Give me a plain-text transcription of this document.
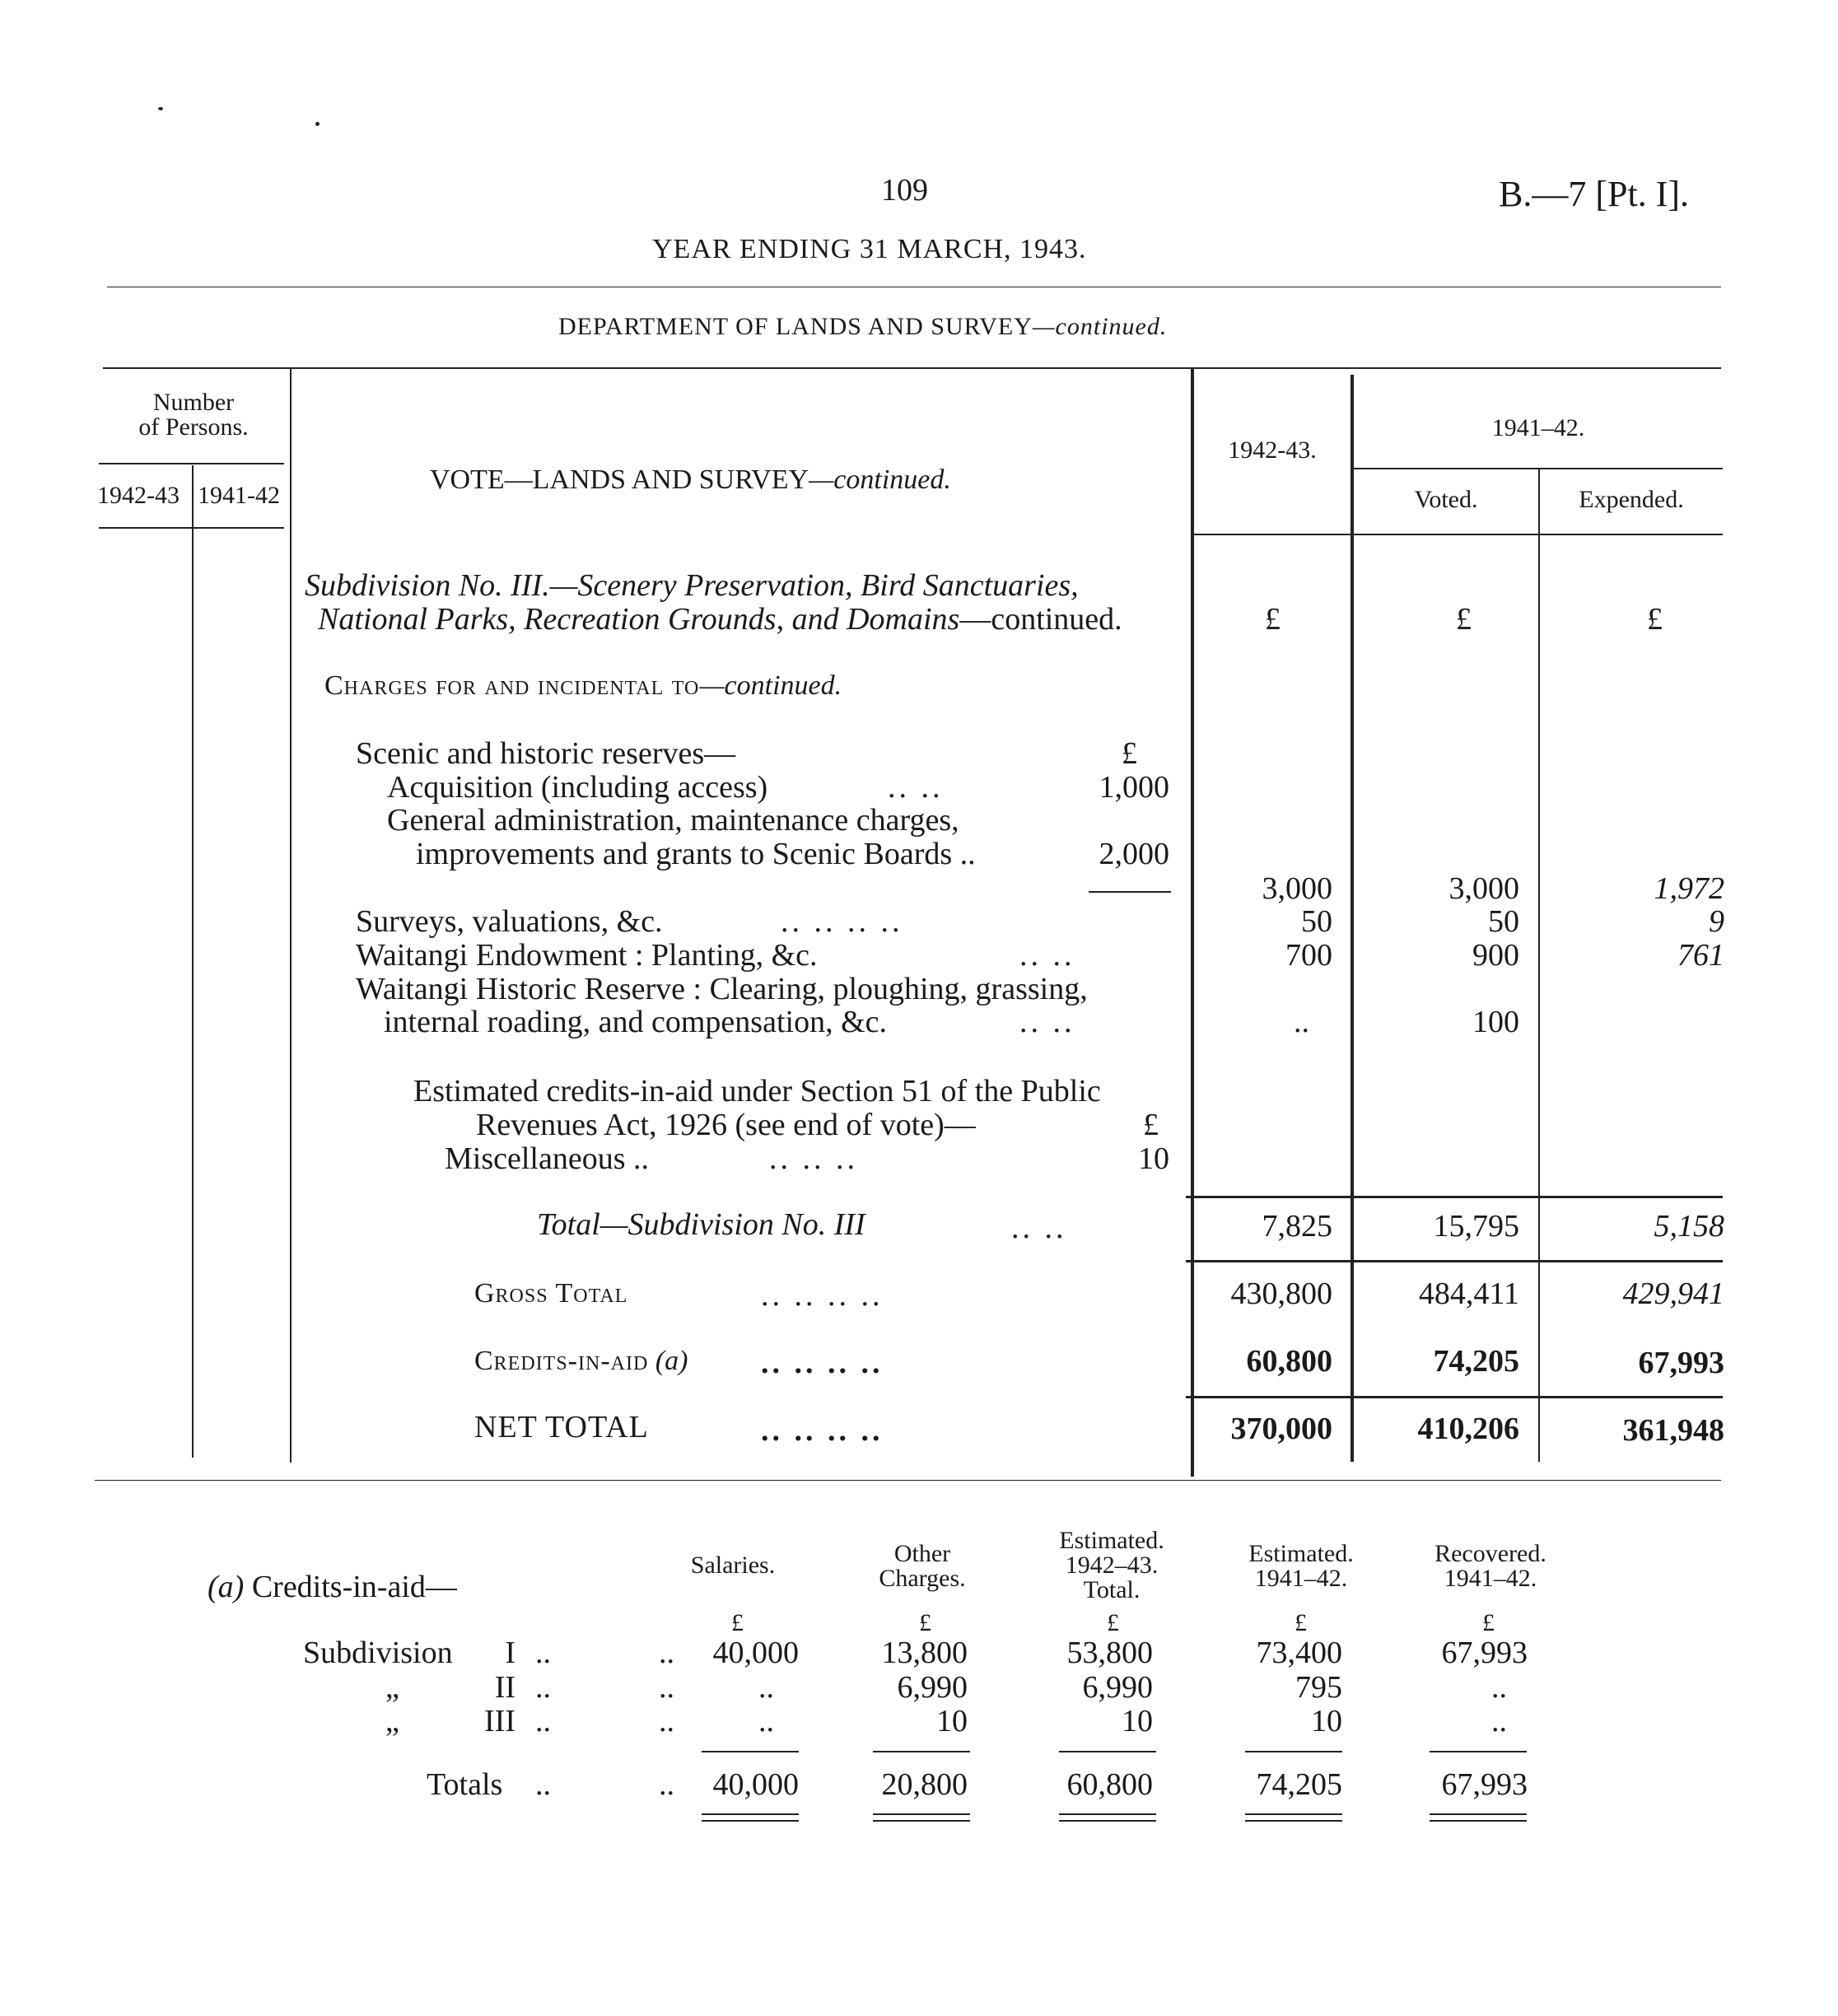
109	B.—7 [Pt. I].
YEAR ENDING 31 MARCH, 1943.
DEPARTMENT OF LANDS AND SURVEY—continued.
Number
of Persons.
1942-43 1941-42
VOTE—LANDS AND SURVEY—continued.
1942-43.
1941–42.
Voted.	Expended.
Subdivision No. III.—Scenery Preservation, Bird Sanctuaries,
National Parks, Recreation Grounds, and Domains—continued.	£	£	£
Charges for and incidental to—continued.
Scenic and historic reserves—	£
Acquisition (including access)	.. ..	1,000
General administration, maintenance charges,
improvements and grants to Scenic Boards ..	2,000
3,000	3,000	1,972
Surveys, valuations, &c.	.. .. .. ..	50	50	9
Waitangi Endowment : Planting, &c.	.. ..	700	900	761
Waitangi Historic Reserve : Clearing, ploughing, grassing,
internal roading, and compensation, &c.	.. ..	..	100
Estimated credits-in-aid under Section 51 of the Public
Revenues Act, 1926 (see end of vote)—	£
Miscellaneous ..	.. .. ..	10
Total—Subdivision No. III	.. ..	7,825	15,795	5,158
Gross Total	.. .. .. ..	430,800	484,411	429,941
Credits-in-aid (a) .. .. .. ..	60,800	74,205	67,993
NET TOTAL	.. .. .. ..	370,000	410,206	361,948
Salaries.	Other
Charges.
Estimated.
1942–43.
Total.
Estimated.
1941–42.
Recovered.
1941–42.
(a) Credits-in-aid—
£	£	£	£	£
Subdivision	I ..	..	40,000	13,800	53,800	73,400	67,993
„	II ..	..	..	6,990	6,990	795	..
„	III ..	..	..	10	10	10	..
Totals ..	..	40,000	20,800	60,800	74,205	67,993
